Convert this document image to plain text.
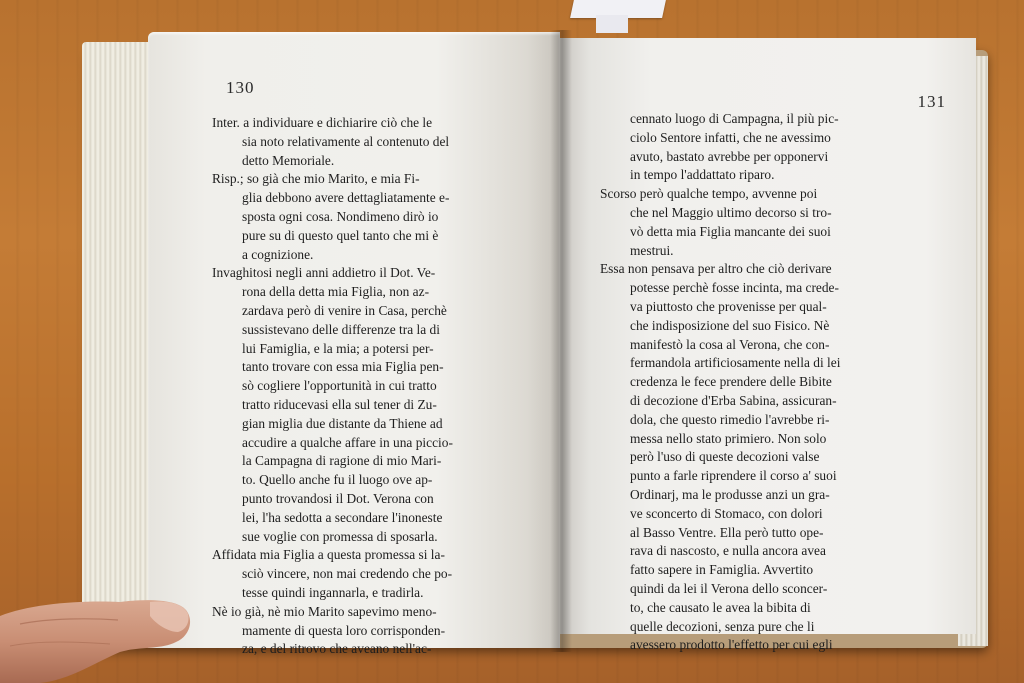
130
Inter. a individuare e dichiarire ciò che le
sia noto relativamente al contenuto del
detto Memoriale.
Risp.; so già che mio Marito, e mia Fi-
glia debbono avere dettagliatamente e-
sposta ogni cosa. Nondimeno dirò io
pure su di questo quel tanto che mi è
a cognizione.
Invaghitosi negli anni addietro il Dot. Ve-
rona della detta mia Figlia, non az-
zardava però di venire in Casa, perchè
sussistevano delle differenze tra la di
lui Famiglia, e la mia; a potersi per-
tanto trovare con essa mia Figlia pen-
sò cogliere l'opportunità in cui tratto
tratto riducevasi ella sul tener di Zu-
gian miglia due distante da Thiene ad
accudire a qualche affare in una piccio-
la Campagna di ragione di mio Mari-
to. Quello anche fu il luogo ove ap-
punto trovandosi il Dot. Verona con
lei, l'ha sedotta a secondare l'inoneste
sue voglie con promessa di sposarla.
Affidata mia Figlia a questa promessa si la-
sciò vincere, non mai credendo che po-
tesse quindi ingannarla, e tradirla.
Nè io già, nè mio Marito sapevimo meno-
mamente di questa loro corrisponden-
za, e del ritrovo che aveano nell'ac-
131
cennato luogo di Campagna, il più pic-
ciolo Sentore infatti, che ne avessimo
avuto, bastato avrebbe per opponervi
in tempo l'addattato riparo.
Scorso però qualche tempo, avvenne poi
che nel Maggio ultimo decorso si tro-
vò detta mia Figlia mancante dei suoi
mestrui.
Essa non pensava per altro che ciò derivare
potesse perchè fosse incinta, ma crede-
va piuttosto che provenisse per qual-
che indisposizione del suo Fisico. Nè
manifestò la cosa al Verona, che con-
fermandola artificiosamente nella di lei
credenza le fece prendere delle Bibite
di decozione d'Erba Sabina, assicuran-
dola, che questo rimedio l'avrebbe ri-
messa nello stato primiero. Non solo
però l'uso di queste decozioni valse
punto a farle riprendere il corso a' suoi
Ordinarj, ma le produsse anzi un gra-
ve sconcerto di Stomaco, con dolori
al Basso Ventre. Ella però tutto ope-
rava di nascosto, e nulla ancora avea
fatto sapere in Famiglia. Avvertito
quindi da lei il Verona dello sconcer-
to, che causato le avea la bibita di
quelle decozioni, senza pure che li
avessero prodotto l'effetto per cui egli
